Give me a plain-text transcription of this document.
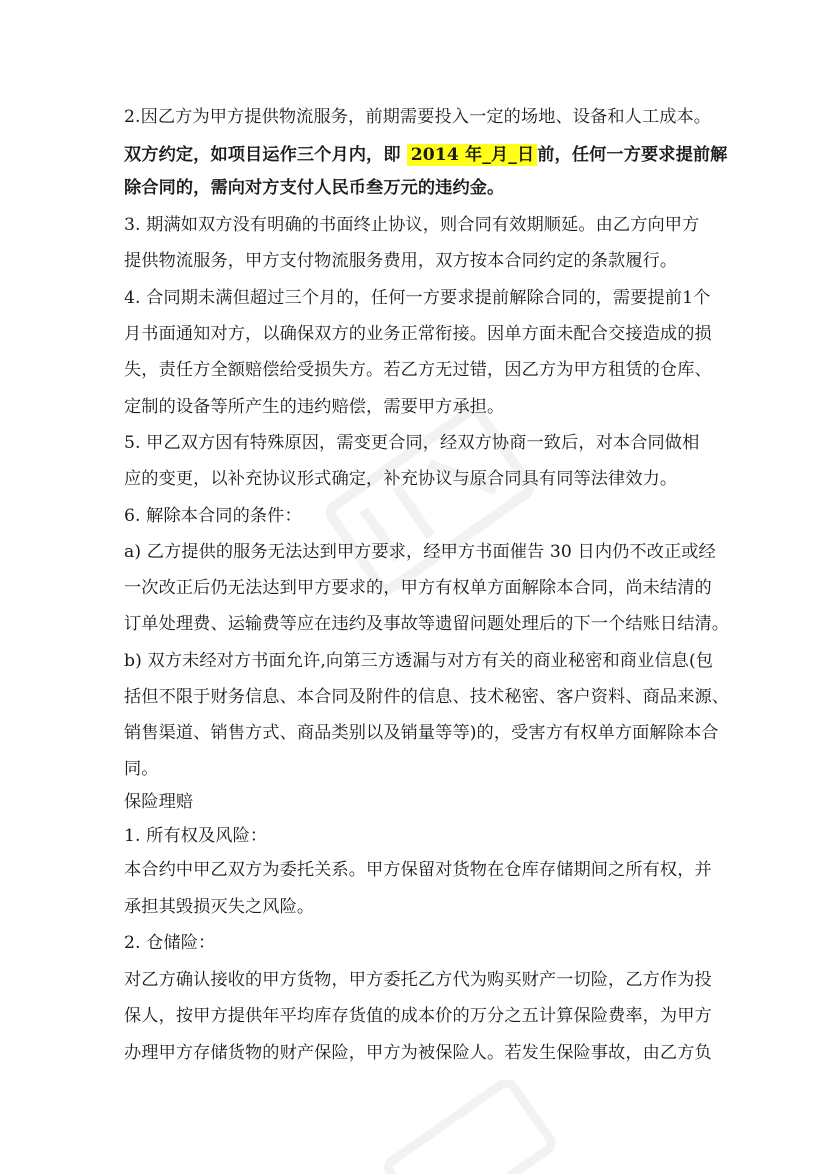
2.因乙方为甲方提供物流服务，前期需要投入一定的场地、设备和人工成本。
双方约定，如项目运作三个月内，即 2014 年_月_日 前，任何一方要求提前解
除合同的，需向对方支付人民币叁万元的违约金。
3. 期满如双方没有明确的书面终止协议，则合同有效期顺延。由乙方向甲方
提供物流服务，甲方支付物流服务费用，双方按本合同约定的条款履行。
4. 合同期未满但超过三个月的，任何一方要求提前解除合同的，需要提前1个
月书面通知对方，以确保双方的业务正常衔接。因单方面未配合交接造成的损
失，责任方全额赔偿给受损失方。若乙方无过错，因乙方为甲方租赁的仓库、
定制的设备等所产生的违约赔偿，需要甲方承担。
5. 甲乙双方因有特殊原因，需变更合同，经双方协商一致后，对本合同做相
应的变更，以补充协议形式确定，补充协议与原合同具有同等法律效力。
6. 解除本合同的条件：
a) 乙方提供的服务无法达到甲方要求，经甲方书面催告 30 日内仍不改正或经
一次改正后仍无法达到甲方要求的，甲方有权单方面解除本合同，尚未结清的
订单处理费、运输费等应在违约及事故等遗留问题处理后的下一个结账日结清。
b) 双方未经对方书面允许,向第三方透漏与对方有关的商业秘密和商业信息(包
括但不限于财务信息、本合同及附件的信息、技术秘密、客户资料、商品来源、
销售渠道、销售方式、商品类别以及销量等等)的，受害方有权单方面解除本合
同。
保险理赔
1. 所有权及风险：
本合约中甲乙双方为委托关系。甲方保留对货物在仓库存储期间之所有权，并
承担其毁损灭失之风险。
2. 仓储险：
对乙方确认接收的甲方货物，甲方委托乙方代为购买财产一切险，乙方作为投
保人，按甲方提供年平均库存货值的成本价的万分之五计算保险费率，为甲方
办理甲方存储货物的财产保险，甲方为被保险人。若发生保险事故，由乙方负
